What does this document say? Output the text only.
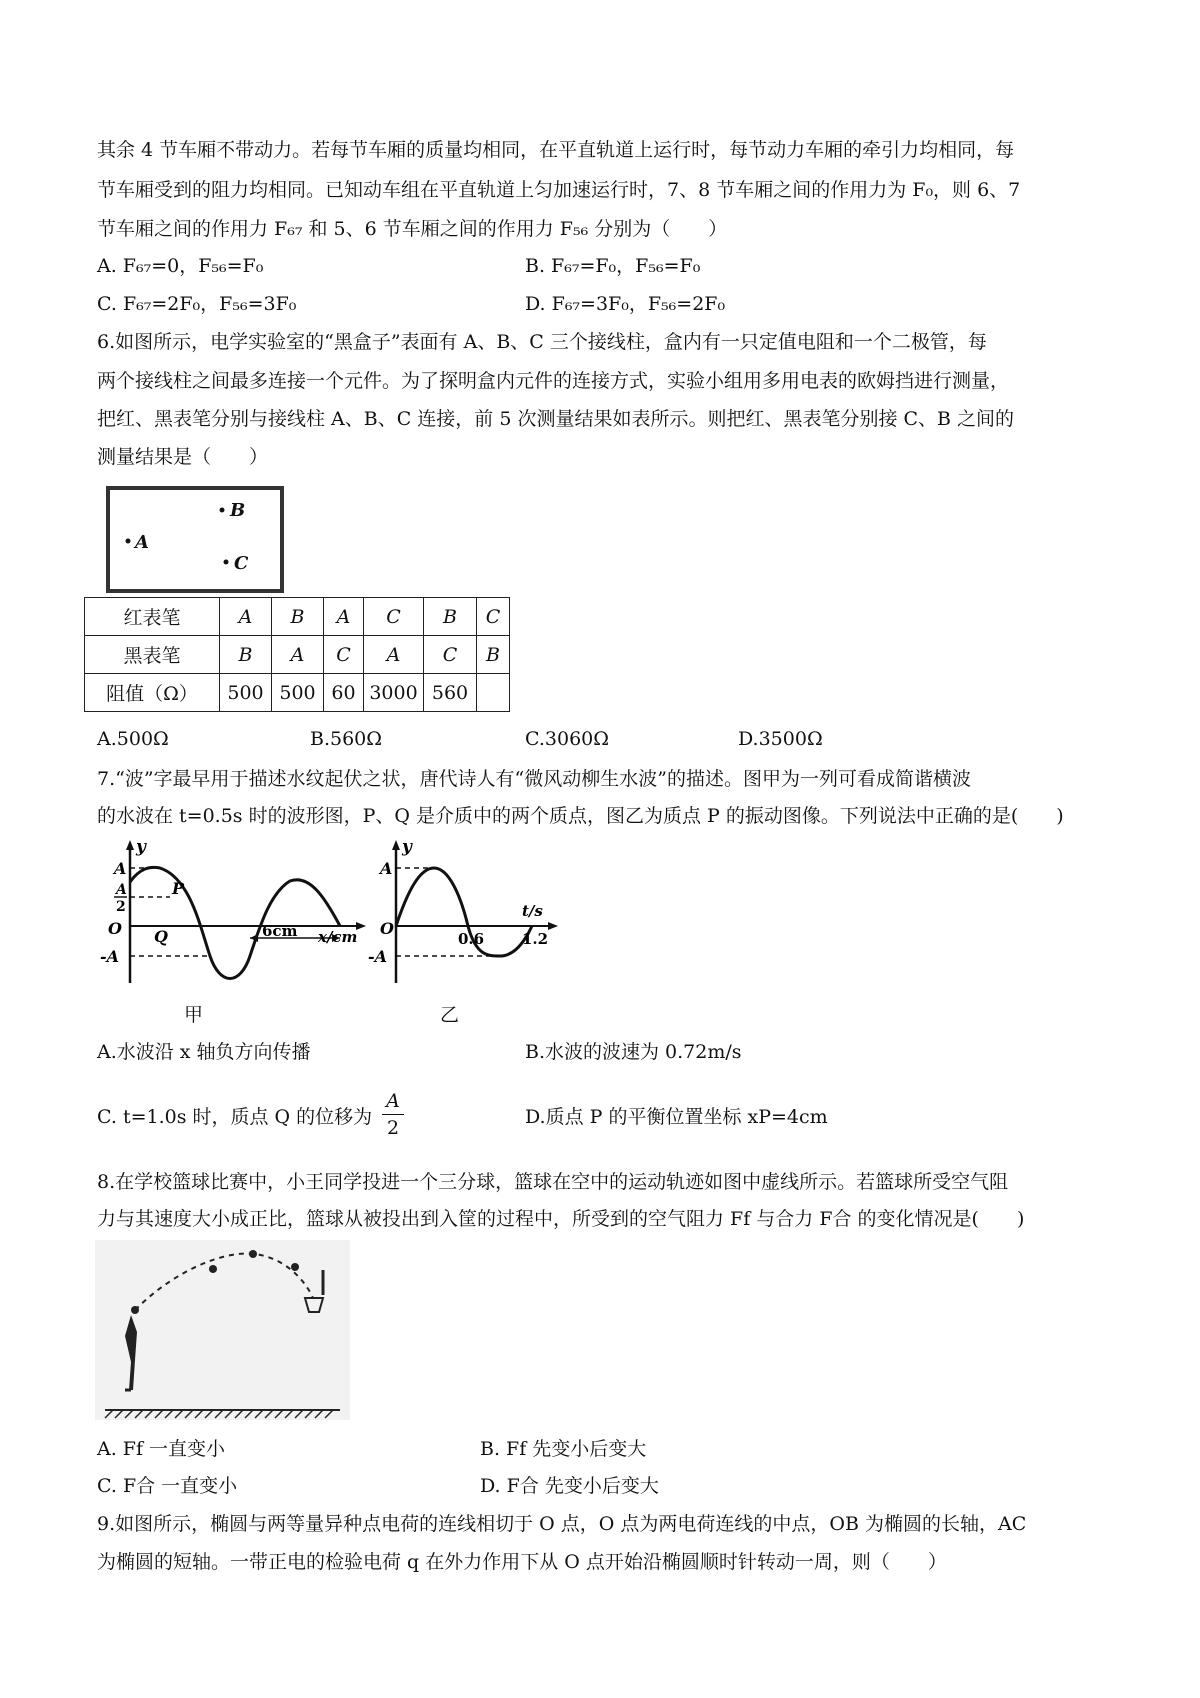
其余 4 节车厢不带动力。若每节车厢的质量均相同，在平直轨道上运行时，每节动力车厢的牵引力均相同，每
节车厢受到的阻力均相同。已知动车组在平直轨道上匀加速运行时，7、8 节车厢之间的作用力为 F₀，则 6、7
节车厢之间的作用力 F₆₇ 和 5、6 节车厢之间的作用力 F₅₆ 分别为（　　）
A. F₆₇=0，F₅₆=F₀	B. F₆₇=F₀，F₅₆=F₀
C. F₆₇=2F₀，F₅₆=3F₀	D. F₆₇=3F₀，F₅₆=2F₀
6.如图所示，电学实验室的“黑盒子”表面有 A、B、C 三个接线柱，盒内有一只定值电阻和一个二极管，每
两个接线柱之间最多连接一个元件。为了探明盒内元件的连接方式，实验小组用多用电表的欧姆挡进行测量，
把红、黑表笔分别与接线柱 A、B、C 连接，前 5 次测量结果如表所示。则把红、黑表笔分别接 C、B 之间的
测量结果是（　　）
B
A
C
红表笔	A	B	A	C	B	C
黑表笔	B	A	C	A	C	B
阻值（Ω）	500	500	60	3000	560	
A.500Ω	B.560Ω	C.3060Ω	D.3500Ω
7.“波”字最早用于描述水纹起伏之状，唐代诗人有“微风动柳生水波”的描述。图甲为一列可看成简谐横波
的水波在 t=0.5s 时的波形图，P、Q 是介质中的两个质点，图乙为质点 P 的振动图像。下列说法中正确的是(　　)
y
A
A
2
O
-A
P
Q	6cm x/cm
甲
y
A
O
-A
t/s
0.6	1.2
乙
A.水波沿 x 轴负方向传播	B.水波的波速为 0.72m/s
C. t=1.0s 时，质点 Q 的位移为
A
2	D.质点 P 的平衡位置坐标 xP=4cm
8.在学校篮球比赛中，小王同学投进一个三分球，篮球在空中的运动轨迹如图中虚线所示。若篮球所受空气阻
力与其速度大小成正比，篮球从被投出到入筐的过程中，所受到的空气阻力 Ff 与合力 F合 的变化情况是(　　)
A. Ff 一直变小	B. Ff 先变小后变大
C. F合 一直变小	D. F合 先变小后变大
9.如图所示，椭圆与两等量异种点电荷的连线相切于 O 点，O 点为两电荷连线的中点，OB 为椭圆的长轴，AC
为椭圆的短轴。一带正电的检验电荷 q 在外力作用下从 O 点开始沿椭圆顺时针转动一周，则（　　）
